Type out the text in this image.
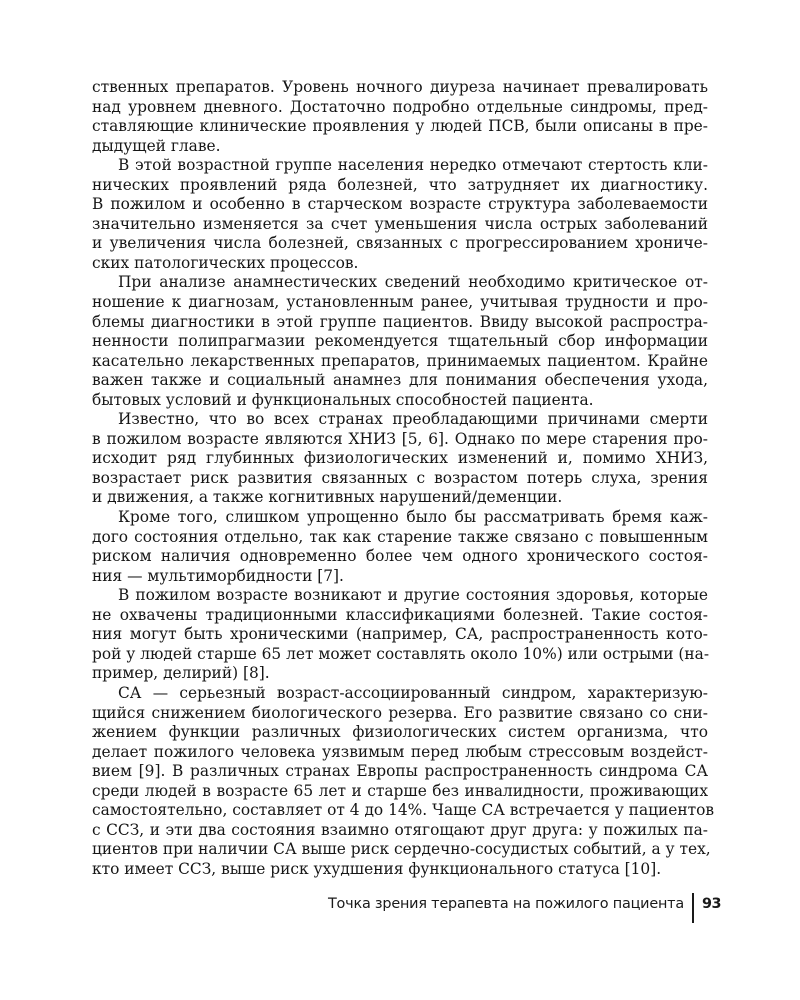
ственных препаратов. Уровень ночного диуреза начинает превалировать
над уровнем дневного. Достаточно подробно отдельные синдромы, пред-
ставляющие клинические проявления у людей ПСВ, были описаны в пре-
дыдущей главе.
В этой возрастной группе населения нередко отмечают стертость кли-
нических проявлений ряда болезней, что затрудняет их диагностику.
В пожилом и особенно в старческом возрасте структура заболеваемости
значительно изменяется за счет уменьшения числа острых заболеваний
и увеличения числа болезней, связанных с прогрессированием хрониче-
ских патологических процессов.
При анализе анамнестических сведений необходимо критическое от-
ношение к диагнозам, установленным ранее, учитывая трудности и про-
блемы диагностики в этой группе пациентов. Ввиду высокой распростра-
ненности полипрагмазии рекомендуется тщательный сбор информации
касательно лекарственных препаратов, принимаемых пациентом. Крайне
важен также и социальный анамнез для понимания обеспечения ухода,
бытовых условий и функциональных способностей пациента.
Известно, что во всех странах преобладающими причинами смерти
в пожилом возрасте являются ХНИЗ [5, 6]. Однако по мере старения про-
исходит ряд глубинных физиологических изменений и, помимо ХНИЗ,
возрастает риск развития связанных с возрастом потерь слуха, зрения
и движения, а также когнитивных нарушений/деменции.
Кроме того, слишком упрощенно было бы рассматривать бремя каж-
дого состояния отдельно, так как старение также связано с повышенным
риском наличия одновременно более чем одного хронического состоя-
ния — мультиморбидности [7].
В пожилом возрасте возникают и другие состояния здоровья, которые
не охвачены традиционными классификациями болезней. Такие состоя-
ния могут быть хроническими (например, СА, распространенность кото-
рой у людей старше 65 лет может составлять около 10%) или острыми (на-
пример, делирий) [8].
СА — серьезный возраст-ассоциированный синдром, характеризую-
щийся снижением биологического резерва. Его развитие связано со сни-
жением функции различных физиологических систем организма, что
делает пожилого человека уязвимым перед любым стрессовым воздейст-
вием [9]. В различных странах Европы распространенность синдрома СА
среди людей в возрасте 65 лет и старше без инвалидности, проживающих
самостоятельно, составляет от 4 до 14%. Чаще СА встречается у пациентов
с ССЗ, и эти два состояния взаимно отягощают друг друга: у пожилых па-
циентов при наличии СА выше риск сердечно-сосудистых событий, а у тех,
кто имеет ССЗ, выше риск ухудшения функционального статуса [10].
Точка зрения терапевта на пожилого пациента 93
